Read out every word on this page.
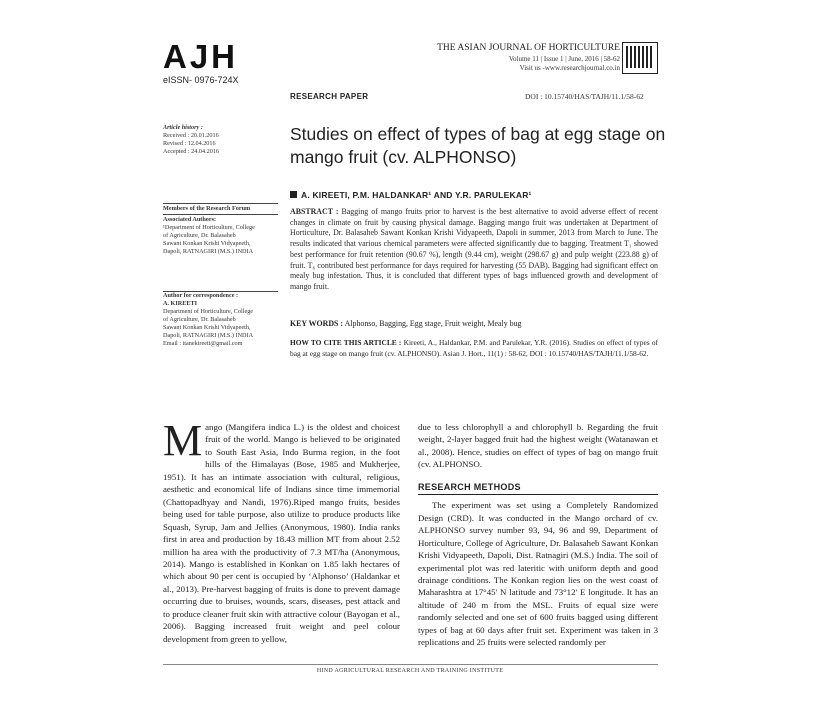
AJH
eISSN- 0976-724X
THE ASIAN JOURNAL OF HORTICULTURE
Volume 11 | Issue 1 | June, 2016 | 58-62
Visit us -www.researchjournal.co.in
RESEARCH PAPER	DOI : 10.15740/HAS/TAJH/11.1/58-62
Article history :
Received : 20.01.2016
Revised : 12.04.2016
Accepted : 24.04.2016
Members of the Research Forum
Associated Authors:
¹Department of Horticulture, College
of Agriculture, Dr. Balasaheb
Sawant Konkan Krishi Vidyapeeth,
Dapoli, RATNAGIRI (M.S.) INDIA
Author for correspondence :
A. KIREETI
Department of Horticulture, College
of Agriculture, Dr. Balasaheb
Sawant Konkan Krishi Vidyapeeth,
Dapoli, RATNAGIRI (M.S.) INDIA
Email : itanekireeti@gmail.com
Studies on effect of types of bag at egg stage on mango fruit (cv. ALPHONSO)
A. KIREETI, P.M. HALDANKAR¹ AND Y.R. PARULEKAR¹
ABSTRACT : Bagging of mango fruits prior to harvest is the best alternative to avoid adverse effect of recent changes in climate on fruit by causing physical damage. Bagging mango fruit was undertaken at Department of Horticulture, Dr. Balasaheb Sawant Konkan Krishi Vidyapeeth, Dapoli in summer, 2013 from March to June. The results indicated that various chemical parameters were affected significantly due to bagging. Treatment T₁ showed best performance for fruit retention (90.67 %), length (9.44 cm), weight (298.67 g) and pulp weight (223.88 g) of fruit. T₆ contributed best performance for days required for harvesting (55 DAB). Bagging had significant effect on mealy bug infestation. Thus, it is concluded that different types of bags influenced growth and development of mango fruit.
KEY WORDS : Alphonso, Bagging, Egg stage, Fruit weight, Mealy bug
HOW TO CITE THIS ARTICLE : Kireeti, A., Haldankar, P.M. and Parulekar, Y.R. (2016). Studies on effect of types of bag at egg stage on mango fruit (cv. ALPHONSO). Asian J. Hort., 11(1) : 58-62, DOI : 10.15740/HAS/TAJH/11.1/58-62.
Mango (Mangifera indica L.) is the oldest and choicest fruit of the world. Mango is believed to be originated to South East Asia, Indo Burma region, in the foot hills of the Himalayas (Bose, 1985 and Mukherjee, 1951). It has an intimate association with cultural, religious, aesthetic and economical life of Indians since time immemorial (Chattopadhyay and Nandi, 1976).Riped mango fruits, besides being used for table purpose, also utilize to produce products like Squash, Syrup, Jam and Jellies (Anonymous, 1980). India ranks first in area and production by 18.43 million MT from about 2.52 million ha area with the productivity of 7.3 MT/ha (Anonymous, 2014). Mango is established in Konkan on 1.85 lakh hectares of which about 90 per cent is occupied by ‘Alphonso’ (Haldankar et al., 2013). Pre-harvest bagging of fruits is done to prevent damage occurring due to bruises, wounds, scars, diseases, pest attack and to produce cleaner fruit skin with attractive colour (Bayogan et al., 2006). Bagging increased fruit weight and peel colour development from green to yellow,

due to less chlorophyll a and chlorophyll b. Regarding the fruit weight, 2-layer bagged fruit had the highest weight (Watanawan et al., 2008). Hence, studies on effect of types of bag on mango fruit (cv. ALPHONSO.

RESEARCH METHODS

The experiment was set using a Completely Randomized Design (CRD). It was conducted in the Mango orchard of cv. ALPHONSO survey number 93, 94, 96 and 99, Department of Horticulture, College of Agriculture, Dr. Balasaheb Sawant Konkan Krishi Vidyapeeth, Dapoli, Dist. Ratnagiri (M.S.) India. The soil of experimental plot was red lateritic with uniform depth and good drainage conditions. The Konkan region lies on the west coast of Maharashtra at 17°45' N latitude and 73°12' E longitude. It has an altitude of 240 m from the MSL. Fruits of equal size were randomly selected and one set of 600 fruits bagged using different types of bag at 60 days after fruit set. Experiment was taken in 3 replications and 25 fruits were selected randomly per

HIND AGRICULTURAL RESEARCH AND TRAINING INSTITUTE
